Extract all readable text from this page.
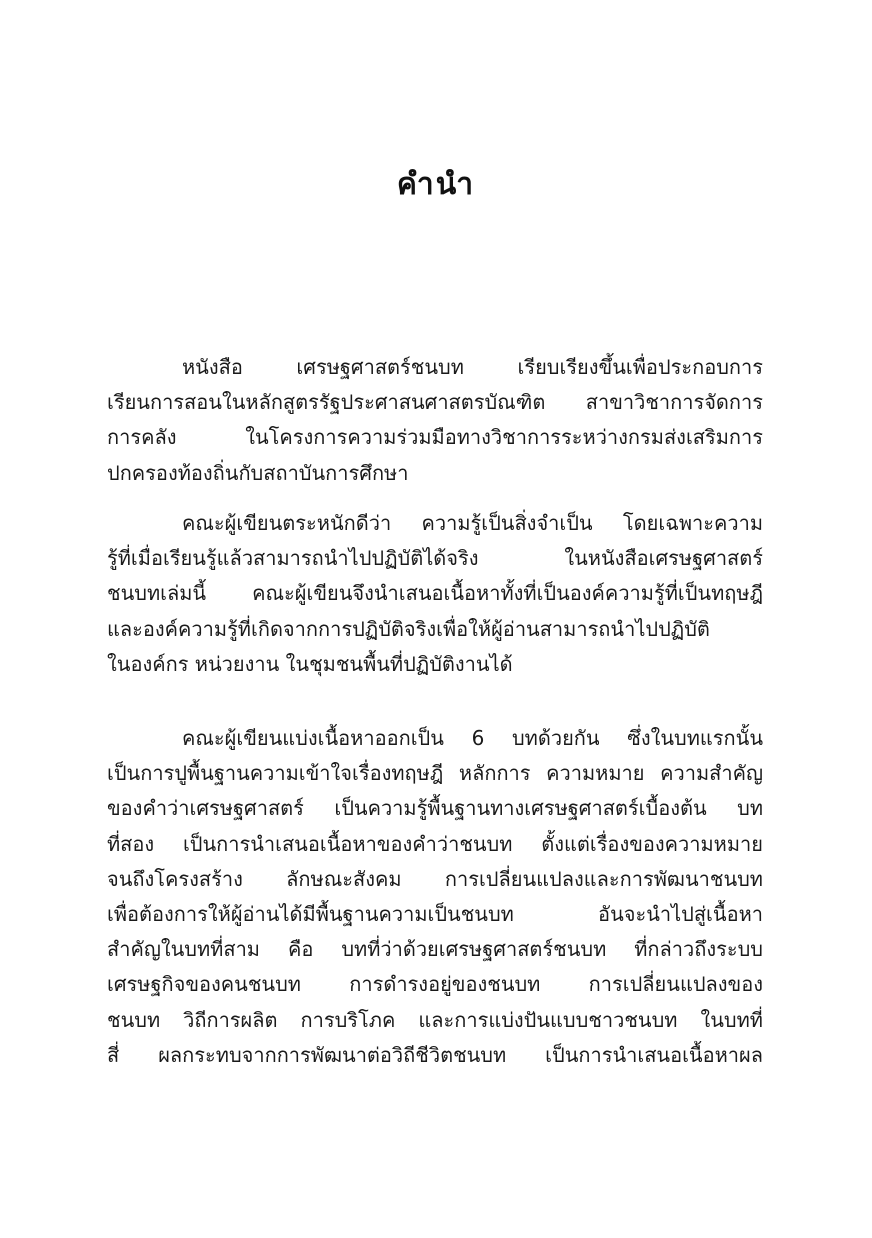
คำนำ
หนังสือ เศรษฐศาสตร์ชนบท เรียบเรียงขึ้นเพื่อประกอบการ
เรียนการสอนในหลักสูตรรัฐประศาสนศาสตรบัณฑิต สาขาวิชาการจัดการ
การคลัง ในโครงการความร่วมมือทางวิชาการระหว่างกรมส่งเสริมการ
ปกครองท้องถิ่นกับสถาบันการศึกษา
คณะผู้เขียนตระหนักดีว่า ความรู้เป็นสิ่งจำเป็น โดยเฉพาะความ
รู้ที่เมื่อเรียนรู้แล้วสามารถนำไปปฏิบัติได้จริง ในหนังสือเศรษฐศาสตร์
ชนบทเล่มนี้ คณะผู้เขียนจึงนำเสนอเนื้อหาทั้งที่เป็นองค์ความรู้ที่เป็นทฤษฎี
และองค์ความรู้ที่เกิดจากการปฏิบัติจริงเพื่อให้ผู้อ่านสามารถนำไปปฏิบัติ
ในองค์กร หน่วยงาน ในชุมชนพื้นที่ปฏิบัติงานได้
คณะผู้เขียนแบ่งเนื้อหาออกเป็น 6 บทด้วยกัน ซึ่งในบทแรกนั้น
เป็นการปูพื้นฐานความเข้าใจเรื่องทฤษฎี หลักการ ความหมาย ความสำคัญ
ของคำว่าเศรษฐศาสตร์ เป็นความรู้พื้นฐานทางเศรษฐศาสตร์เบื้องต้น บท
ที่สอง เป็นการนำเสนอเนื้อหาของคำว่าชนบท ตั้งแต่เรื่องของความหมาย
จนถึงโครงสร้าง ลักษณะสังคม การเปลี่ยนแปลงและการพัฒนาชนบท
เพื่อต้องการให้ผู้อ่านได้มีพื้นฐานความเป็นชนบท อันจะนำไปสู่เนื้อหา
สำคัญในบทที่สาม คือ บทที่ว่าด้วยเศรษฐศาสตร์ชนบท ที่กล่าวถึงระบบ
เศรษฐกิจของคนชนบท การดำรงอยู่ของชนบท การเปลี่ยนแปลงของ
ชนบท วิถีการผลิต การบริโภค และการแบ่งปันแบบชาวชนบท ในบทที่
สี่ ผลกระทบจากการพัฒนาต่อวิถีชีวิตชนบท เป็นการนำเสนอเนื้อหาผล
